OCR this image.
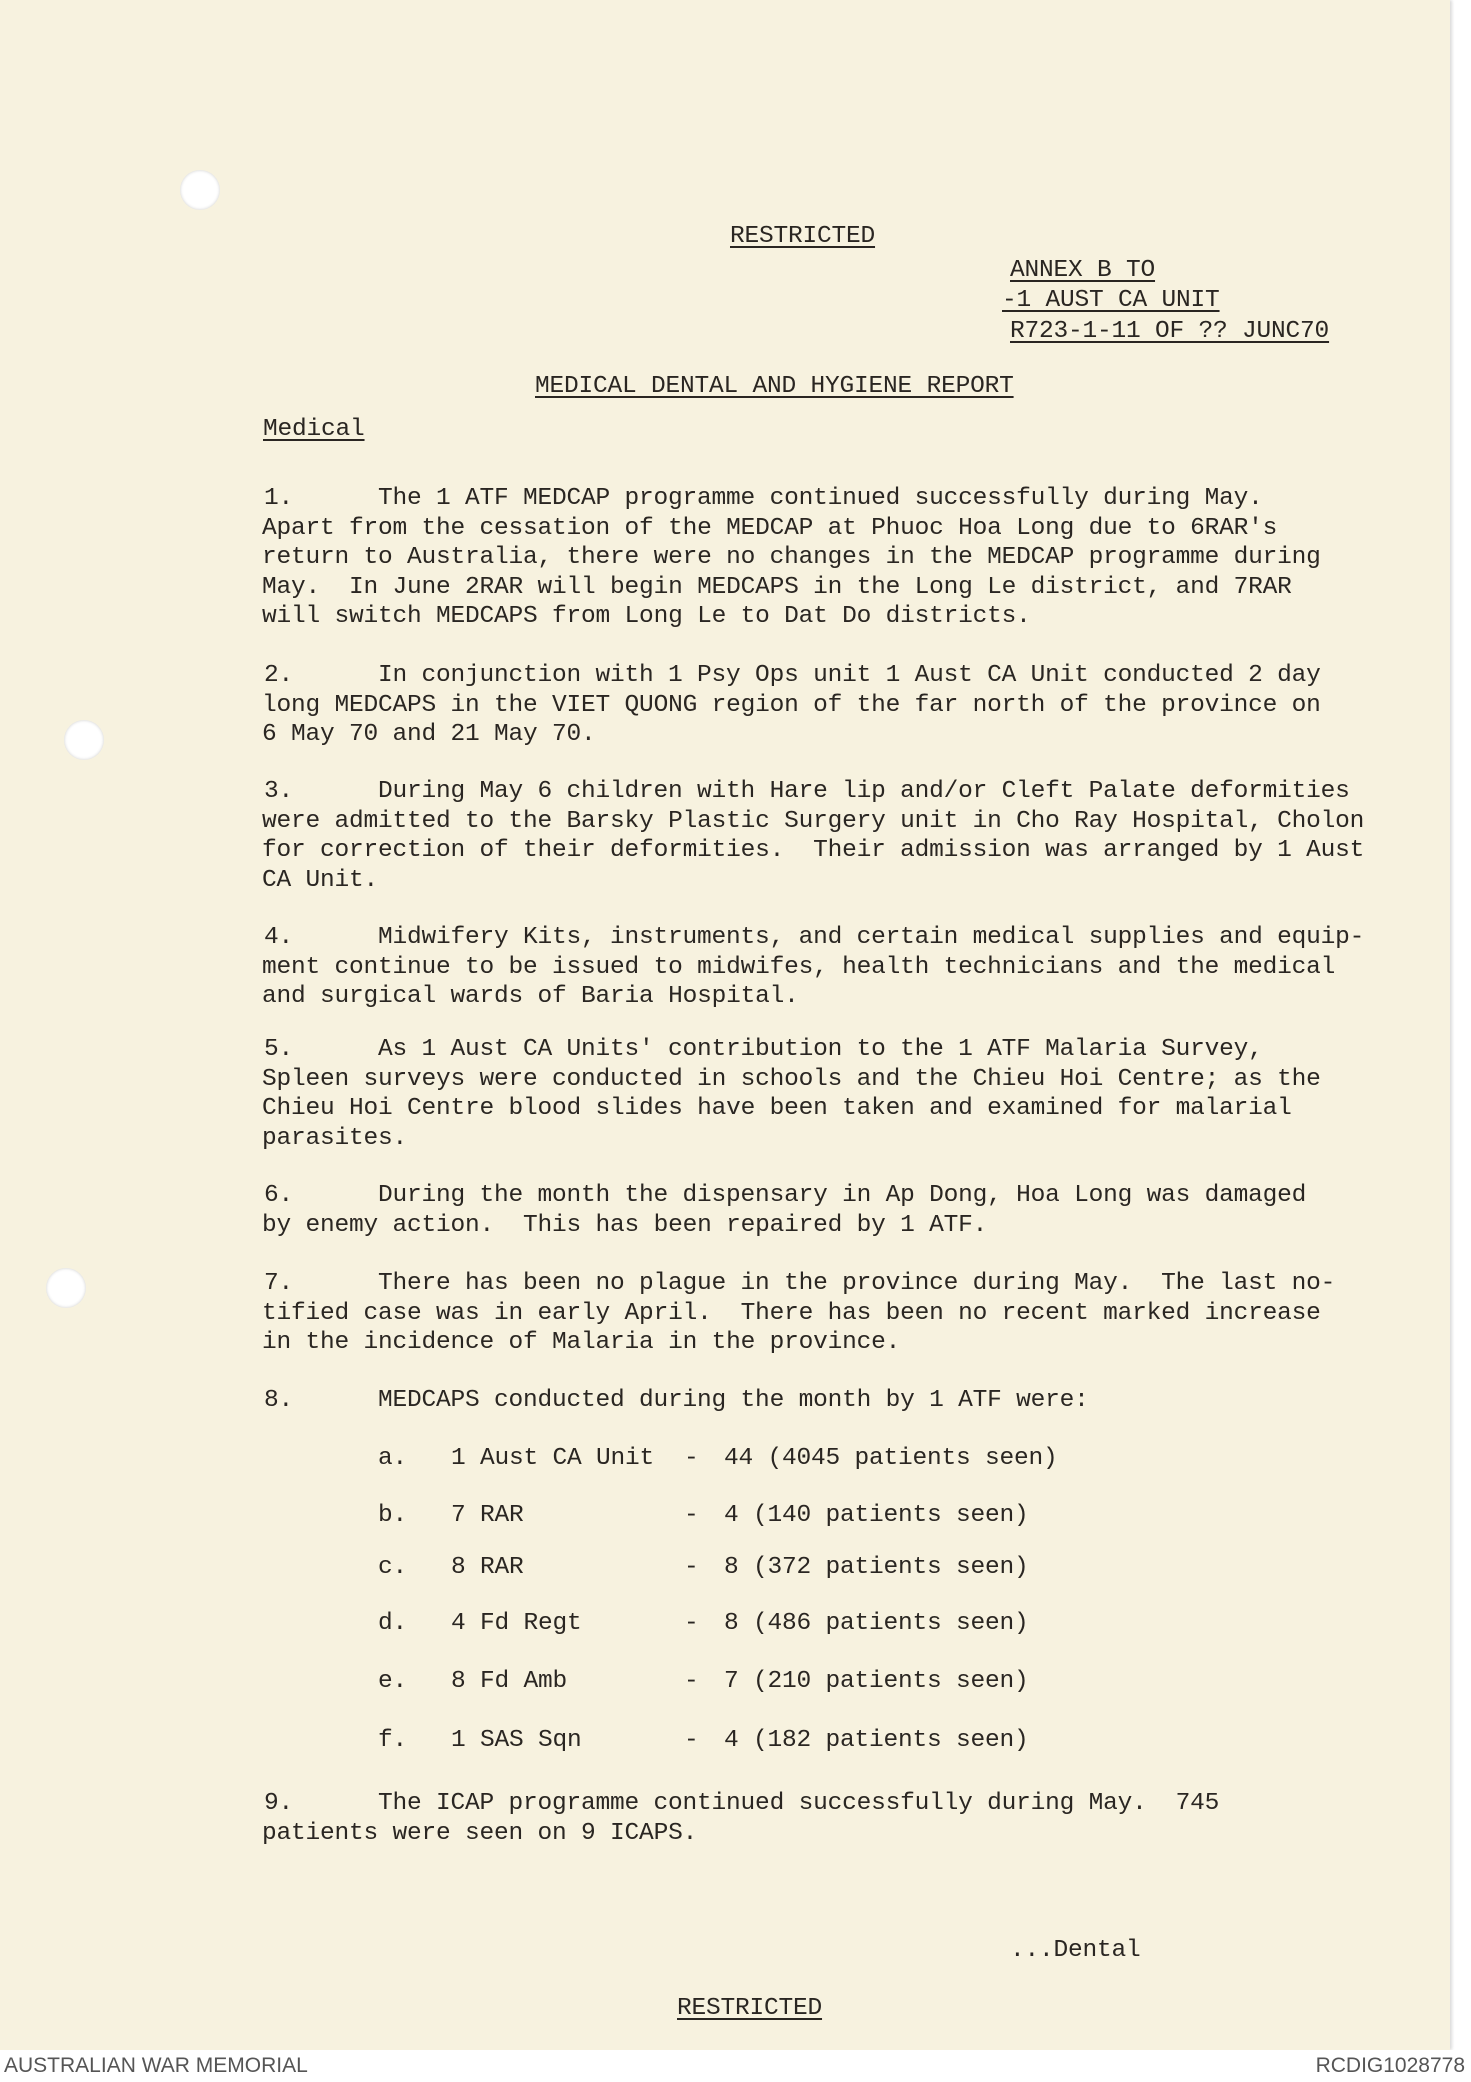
RESTRICTED
ANNEX B TO
-1 AUST CA UNIT
R723-1-11 OF ?? JUNC70
MEDICAL DENTAL AND HYGIENE REPORT
Medical
1.	The 1 ATF MEDCAP programme continued successfully during May.
Apart from the cessation of the MEDCAP at Phuoc Hoa Long due to 6RAR's
return to Australia, there were no changes in the MEDCAP programme during
May.  In June 2RAR will begin MEDCAPS in the Long Le district, and 7RAR
will switch MEDCAPS from Long Le to Dat Do districts.
2.	In conjunction with 1 Psy Ops unit 1 Aust CA Unit conducted 2 day
long MEDCAPS in the VIET QUONG region of the far north of the province on
6 May 70 and 21 May 70.
3.	During May 6 children with Hare lip and/or Cleft Palate deformities
were admitted to the Barsky Plastic Surgery unit in Cho Ray Hospital, Cholon
for correction of their deformities.  Their admission was arranged by 1 Aust
CA Unit.
4.	Midwifery Kits, instruments, and certain medical supplies and equip-
ment continue to be issued to midwifes, health technicians and the medical
and surgical wards of Baria Hospital.
5.	As 1 Aust CA Units' contribution to the 1 ATF Malaria Survey,
Spleen surveys were conducted in schools and the Chieu Hoi Centre; as the
Chieu Hoi Centre blood slides have been taken and examined for malarial
parasites.
6.	During the month the dispensary in Ap Dong, Hoa Long was damaged
by enemy action.  This has been repaired by 1 ATF.
7.	There has been no plague in the province during May.  The last no-
tified case was in early April.  There has been no recent marked increase
in the incidence of Malaria in the province.
8.	MEDCAPS conducted during the month by 1 ATF were:
9.	The ICAP programme continued successfully during May.  745
patients were seen on 9 ICAPS.
a. 1 Aust CA Unit - 44 (4045 patients seen)
b. 7 RAR	- 4 (140 patients seen)
c. 8 RAR	- 8 (372 patients seen)
d. 4 Fd Regt	- 8 (486 patients seen)
e. 8 Fd Amb	- 7 (210 patients seen)
f. 1 SAS Sqn	- 4 (182 patients seen)
...Dental
RESTRICTED
AUSTRALIAN WAR MEMORIAL	RCDIG1028778
